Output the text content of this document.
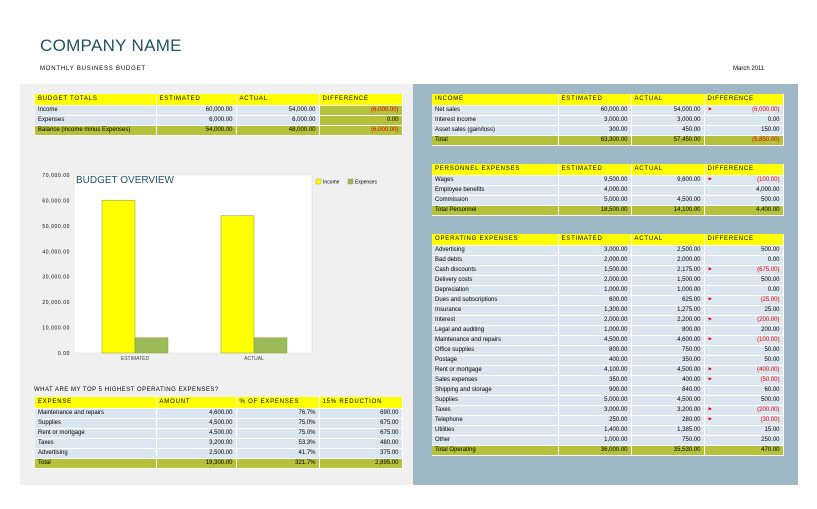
COMPANY NAME
MONTHLY BUSINESS BUDGET	March 2011
BUDGET TOTALS	ESTIMATED	ACTUAL	DIFFERENCE
Income	60,000.00	54,000.00	(6,000.00)
Expenses	6,000.00	6,000.00	0.00
Balance (income minus Expenses)	54,000.00	48,000.00	(6,000.00)
BUDGET OVERVIEW
70,000.00
60,000.00
50,000.00
40,000.00
30,000.00
20,000.00
10,000.00
0.00
ESTIMATED	ACTUAL
Income	Expenses
WHAT ARE MY TOP 5 HIGHEST OPERATING EXPENSES?
EXPENSE	AMOUNT	% OF EXPENSES	15% REDUCTION
Maintenance and repairs	4,600.00	76.7%	690.00
Supplies	4,500.00	75.0%	675.00
Rent or mortgage	4,500.00	75.0%	675.00
Taxes	3,200.00	53.3%	480.00
Advertising	2,500.00	41.7%	375.00
Total	19,300.00	321.7%	2,895.00
INCOME	ESTIMATED	ACTUAL	DIFFERENCE
Net sales	60,000.00	54,000.00	⚑ (6,000.00)
Interest income	3,000.00	3,000.00	0.00
Asset sales (gain/loss)	300.00	450.00	150.00
Total	63,300.00	57,450.00	(5,850.00)
PERSONNEL EXPENSES	ESTIMATED	ACTUAL	DIFFERENCE
Wages	9,500.00	9,600.00	⚑ (100.00)
Employee benefits	4,000.00		4,000.00
Commission	5,000.00	4,500.00	500.00
Total Personnel	18,500.00	14,100.00	4,400.00
OPERATING EXPENSES	ESTIMATED	ACTUAL	DIFFERENCE
Advertising	3,000.00	2,500.00	500.00
Bad debts	2,000.00	2,000.00	0.00
Cash discounts	1,500.00	2,175.00	⚑ (675.00)
Delivery costs	2,000.00	1,500.00	500.00
Depreciation	1,000.00	1,000.00	0.00
Dues and subscriptions	600.00	625.00	⚑ (25.00)
Insurance	1,300.00	1,275.00	25.00
Interest	2,000.00	2,200.00	⚑ (200.00)
Legal and auditing	1,000.00	800.00	200.00
Maintenance and repairs	4,500.00	4,600.00	⚑ (100.00)
Office supplies	800.00	750.00	50.00
Postage	400.00	350.00	50.00
Rent or mortgage	4,100.00	4,500.00	⚑ (400.00)
Sales expenses	350.00	400.00	⚑ (50.00)
Shipping and storage	900.00	840.00	60.00
Supplies	5,000.00	4,500.00	500.00
Taxes	3,000.00	3,200.00	⚑ (200.00)
Telephone	250.00	280.00	⚑ (30.00)
Utilities	1,400.00	1,385.00	15.00
Other	1,000.00	750.00	250.00
Total Operating	36,000.00	35,530.00	470.00
